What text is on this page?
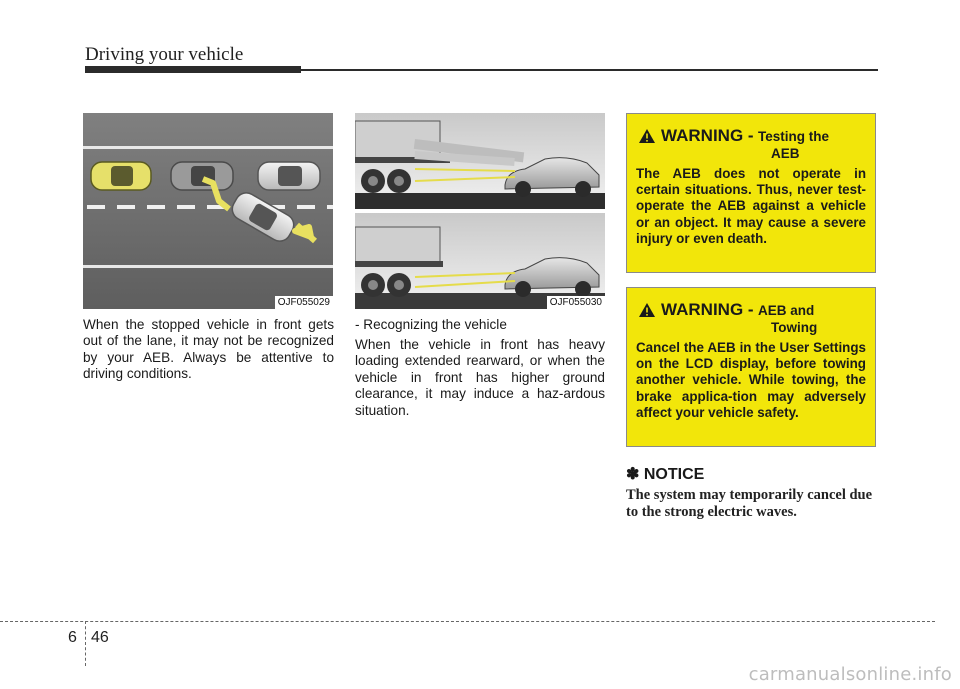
Driving your vehicle
OJF055029	OJF055030
When the stopped vehicle in front gets out of the lane, it may not be recognized by your AEB. Always be attentive to driving conditions.
- Recognizing the vehicle
When the vehicle in front has heavy loading extended rearward, or when the vehicle in front has higher ground clearance, it may induce a haz-ardous situation.
WARNING - Testing the
AEB
The AEB does not operate in certain situations. Thus, never test-operate the AEB against a vehicle or an object. It may cause a severe injury or even death.
WARNING - AEB and
Towing
Cancel the AEB in the User Settings on the LCD display, before towing another vehicle. While towing, the brake applica-tion may adversely affect your vehicle safety.
✽ NOTICE
The system may temporarily cancel due to the strong electric waves.
6 46
carmanualsonline.info
